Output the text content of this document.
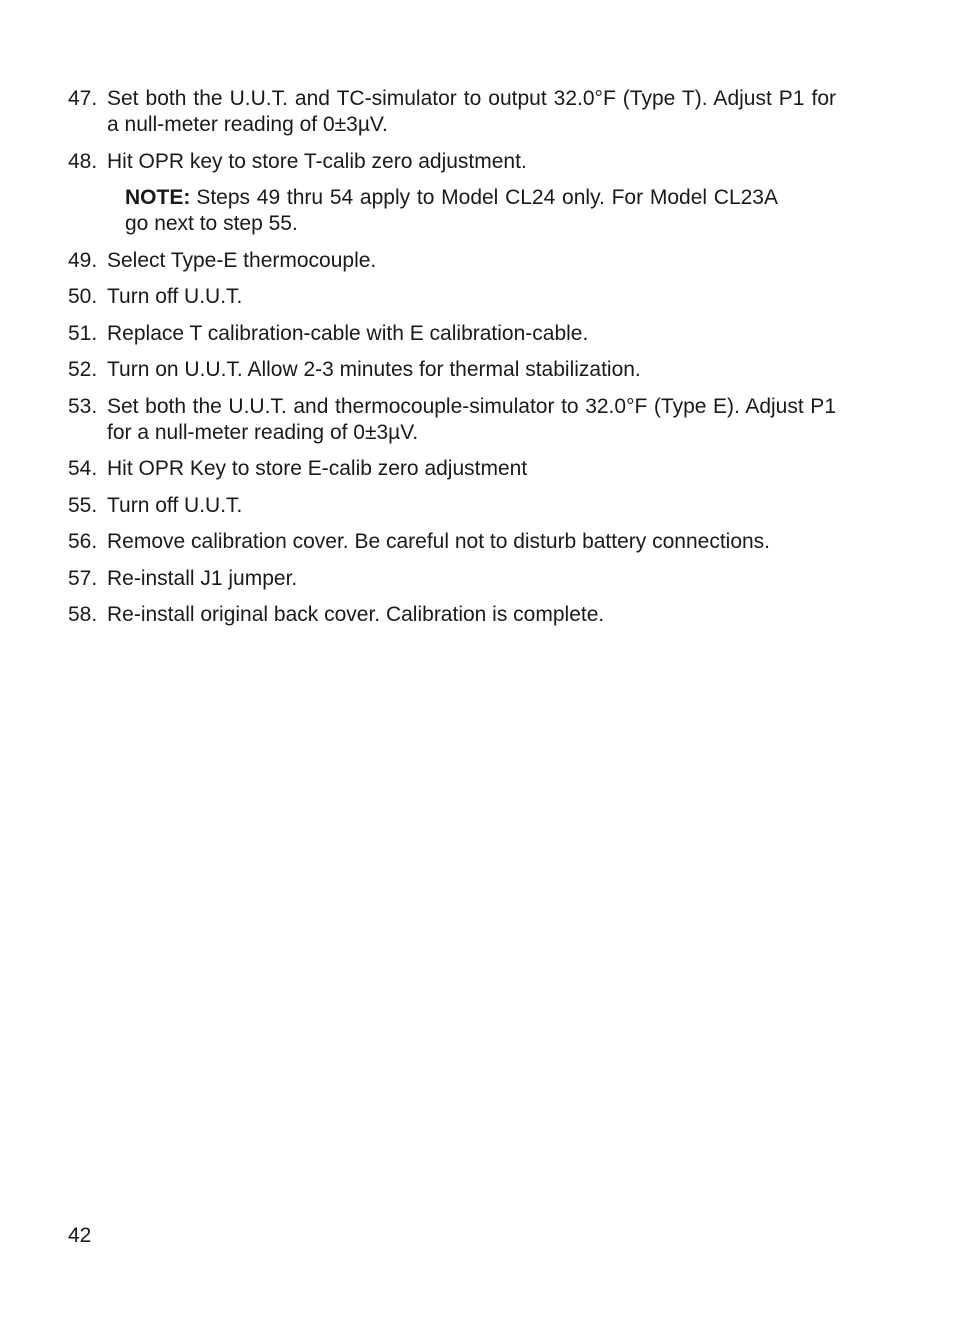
47. Set both the U.U.T. and TC-simulator to output 32.0°F (Type T). Adjust P1 for a null-meter reading of 0±3µV.
48. Hit OPR key to store T-calib zero adjustment.
NOTE: Steps 49 thru 54 apply to Model CL24 only. For Model CL23A go next to step 55.
49. Select Type-E thermocouple.
50. Turn off U.U.T.
51. Replace T calibration-cable with E calibration-cable.
52. Turn on U.U.T. Allow 2-3 minutes for thermal stabilization.
53. Set both the U.U.T. and thermocouple-simulator to 32.0°F (Type E). Adjust P1 for a null-meter reading of 0±3µV.
54. Hit OPR Key to store E-calib zero adjustment
55. Turn off U.U.T.
56. Remove calibration cover. Be careful not to disturb battery connections.
57. Re-install J1 jumper.
58. Re-install original back cover. Calibration is complete.
42
